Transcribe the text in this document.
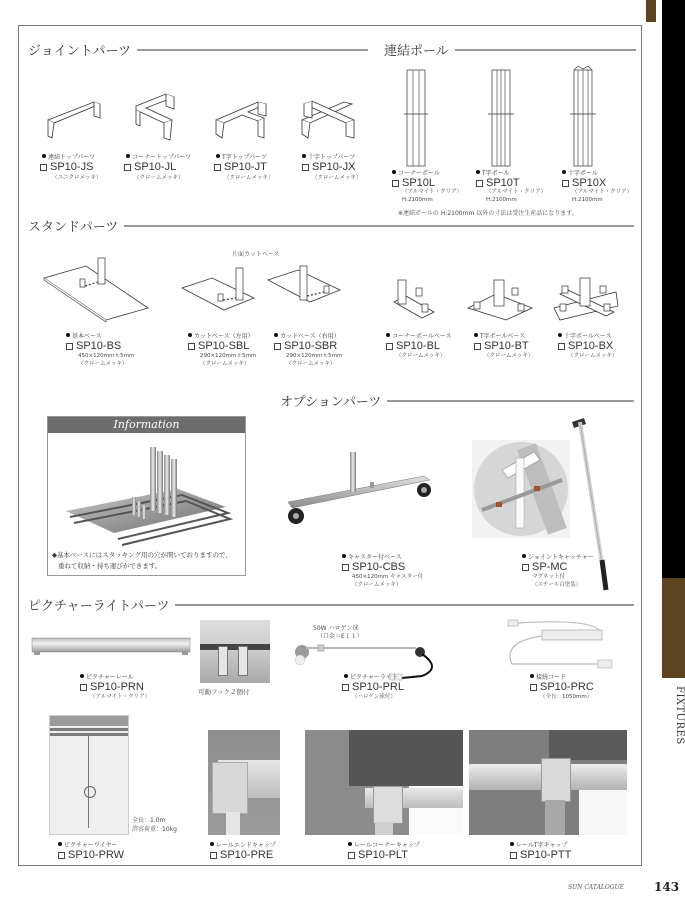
FIXTURES
ジョイントパーツ
連結トップパーツ
SP10-JS
（ユニクロメッキ）
コーナートップパーツ
SP10-JL
（クロームメッキ）
T字トップパーツ
SP10-JT
（クロームメッキ）
十字トップパーツ
SP10-JX
（クロームメッキ）
連結ポール
コーナーポール
SP10L
（アルマイト・クリア）
H:2100mm
T字ポール
SP10T
（アルマイト・クリア）
H:2100mm
十字ポール
SP10X
（アルマイト・クリア）
H:2100mm
※連結ポールの H:2100mm 以外の寸法は受注生産品になります。
スタンドパーツ
片面カットベース
基本ベース
SP10-BS
450×120mm t:5mm
（クロームメッキ）
カットベース（左用）
SP10-SBL
290×120mm t:5mm
（クロームメッキ）
カットベース（右用）
SP10-SBR
290×120mm t:5mm
（クロームメッキ）
コーナーポールベース
SP10-BL
（クロームメッキ）
T字ポールベース
SP10-BT
（クロームメッキ）
十字ポールベース
SP10-BX
（クロームメッキ）
オプションパーツ
Information
◆基本ベースにはスタッキング用の穴が開いておりますので、
重ねて収納・持ち運びができます。
キャスター付ベース
SP10-CBS
450×120mm キャスター付
（クロームメッキ）
ジョイントキャッチャー
SP-MC
マグネット付
（スチール白塗装）
ピクチャーライトパーツ
可動フック２個付
50W ハロゲン球
（口金＝E１１）
ピクチャーレール
SP10-PRN
（アルマイト・クリア）
ピクチャーライト
SP10-PRL
（ハロゲン球付）
接続コード
SP10-PRC
（全長：1050mm）
全長：1.0m
許容荷重：10kg
ピクチャーワイヤー
SP10-PRW
レールエンドキャップ
SP10-PRE
レールコーナーキャップ
SP10-PLT
レールT字キャップ
SP10-PTT
SUN CATALOGUE 143
